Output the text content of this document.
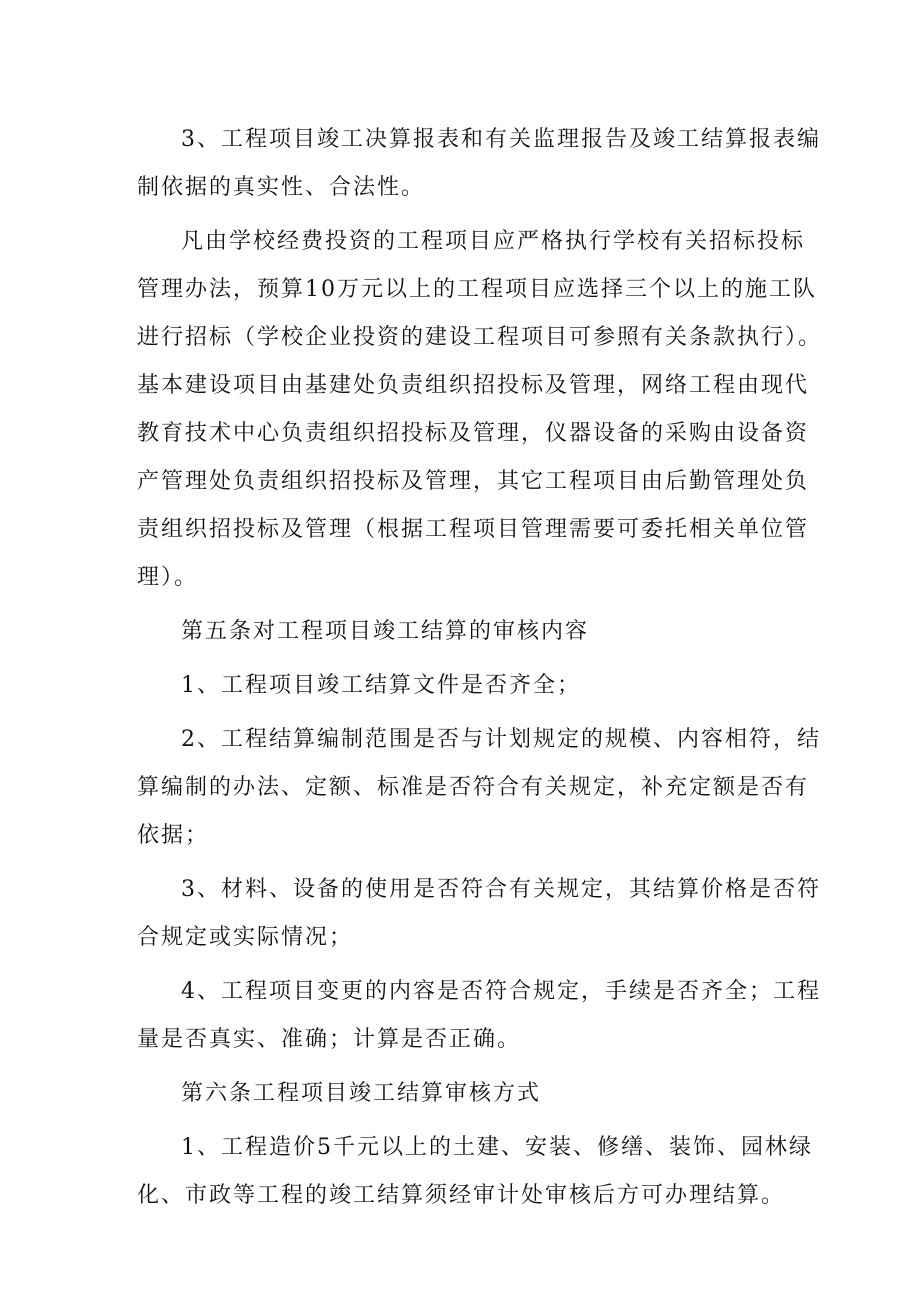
3、工程项目竣工决算报表和有关监理报告及竣工结算报表编
制依据的真实性、合法性。
凡由学校经费投资的工程项目应严格执行学校有关招标投标
管理办法，预算10万元以上的工程项目应选择三个以上的施工队
进行招标（学校企业投资的建设工程项目可参照有关条款执行）。
基本建设项目由基建处负责组织招投标及管理，网络工程由现代
教育技术中心负责组织招投标及管理，仪器设备的采购由设备资
产管理处负责组织招投标及管理，其它工程项目由后勤管理处负
责组织招投标及管理（根据工程项目管理需要可委托相关单位管
理）。
第五条对工程项目竣工结算的审核内容
1、工程项目竣工结算文件是否齐全；
2、工程结算编制范围是否与计划规定的规模、内容相符，结
算编制的办法、定额、标准是否符合有关规定，补充定额是否有
依据；
3、材料、设备的使用是否符合有关规定，其结算价格是否符
合规定或实际情况；
4、工程项目变更的内容是否符合规定，手续是否齐全；工程
量是否真实、准确；计算是否正确。
第六条工程项目竣工结算审核方式
1、工程造价5千元以上的土建、安装、修缮、装饰、园林绿
化、市政等工程的竣工结算须经审计处审核后方可办理结算。
